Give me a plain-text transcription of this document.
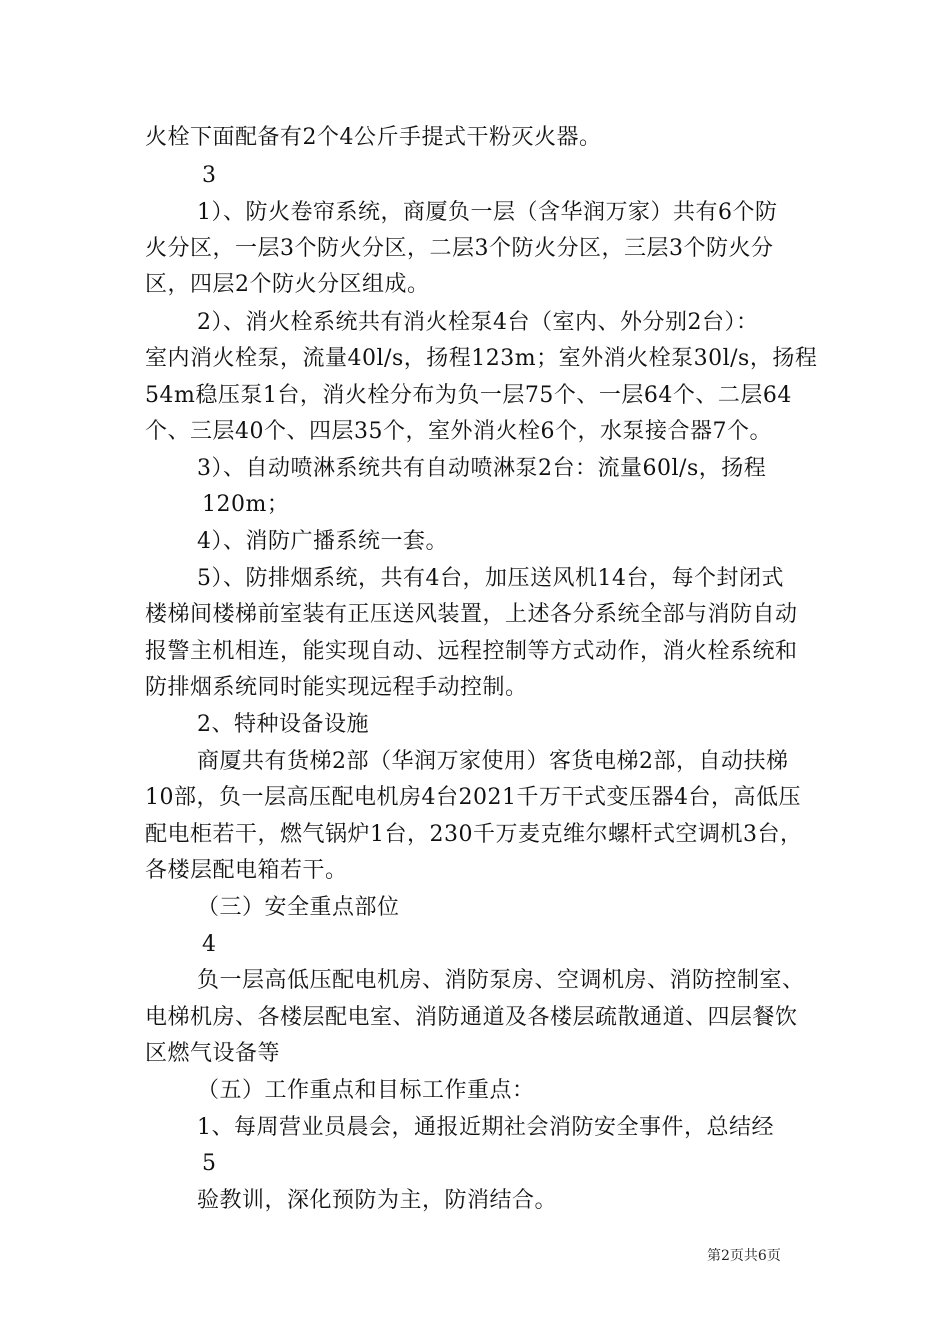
火栓下面配备有2个4公斤手提式干粉灭火器。
3
1）、防火卷帘系统，商厦负一层（含华润万家）共有6个防
火分区，一层3个防火分区，二层3个防火分区，三层3个防火分
区，四层2个防火分区组成。
2）、消火栓系统共有消火栓泵4台（室内、外分别2台）：
室内消火栓泵，流量40l/s，扬程123m；室外消火栓泵30l/s，扬程
54m稳压泵1台，消火栓分布为负一层75个、一层64个、二层64
个、三层40个、四层35个，室外消火栓6个，水泵接合器7个。
3）、自动喷淋系统共有自动喷淋泵2台：流量60l/s，扬程
120m；
4）、消防广播系统一套。
5）、防排烟系统，共有4台，加压送风机14台，每个封闭式
楼梯间楼梯前室装有正压送风装置，上述各分系统全部与消防自动
报警主机相连，能实现自动、远程控制等方式动作，消火栓系统和
防排烟系统同时能实现远程手动控制。
2、特种设备设施
商厦共有货梯2部（华润万家使用）客货电梯2部，自动扶梯
10部，负一层高压配电机房4台2021千万干式变压器4台，高低压
配电柜若干，燃气锅炉1台，230千万麦克维尔螺杆式空调机3台，
各楼层配电箱若干。
（三）安全重点部位
4
负一层高低压配电机房、消防泵房、空调机房、消防控制室、
电梯机房、各楼层配电室、消防通道及各楼层疏散通道、四层餐饮
区燃气设备等
（五）工作重点和目标工作重点：
1、每周营业员晨会，通报近期社会消防安全事件，总结经
5
验教训，深化预防为主，防消结合。
第2页共6页
